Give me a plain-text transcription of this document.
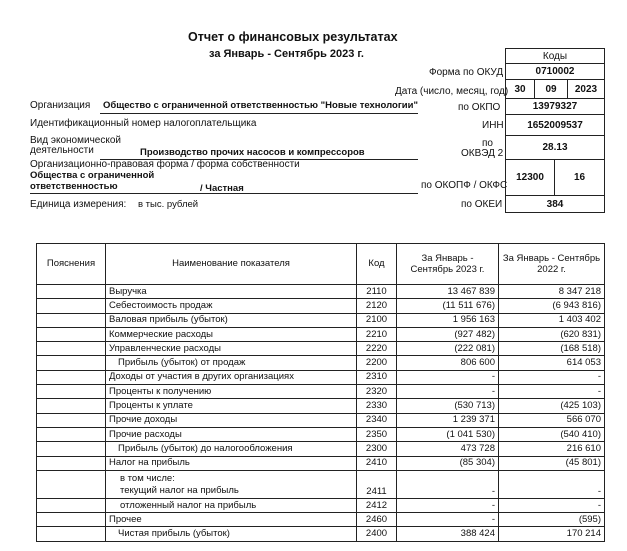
Отчет о финансовых результатах
за Январь - Сентябрь 2023 г.	Коды
Форма по ОКУД	0710002
Дата (число, месяц, год) 30	09	2023
Организация Общество с ограниченной ответственностью "Новые технологии"	по ОКПО	13979327
Идентификационный номер налогоплательщика	ИНН	1652009537
Вид экономической
деятельности	Производство прочих насосов и компрессоров
по
ОКВЭД 2
28.13
Организационно-правовая форма / форма собственности
Общества с ограниченной
ответственностью	/ Частная	по ОКОПФ / ОКФС
12300	16
Единица измерения: в тыс. рублей	по ОКЕИ	384
Пояснения	Наименование показателя	Код	За Январь - Сентябрь 2023 г.	За Январь - Сентябрь 2022 г.
	Выручка	2110	13 467 839	8 347 218
	Себестоимость продаж	2120	(11 511 676)	(6 943 816)
	Валовая прибыль (убыток)	2100	1 956 163	1 403 402
	Коммерческие расходы	2210	(927 482)	(620 831)
	Управленческие расходы	2220	(222 081)	(168 518)
	Прибыль (убыток) от продаж	2200	806 600	614 053
	Доходы от участия в других организациях	2310	-	-
	Проценты к получению	2320	-	-
	Проценты к уплате	2330	(530 713)	(425 103)
	Прочие доходы	2340	1 239 371	566 070
	Прочие расходы	2350	(1 041 530)	(540 410)
	Прибыль (убыток) до налогообложения	2300	473 728	216 610
	Налог на прибыль	2410	(85 304)	(45 801)

	в том числе:
текущий налог на прибыль	2411	-	-
	отложенный налог на прибыль	2412	-	-
	Прочее	2460	-	(595)
	Чистая прибыль (убыток)	2400	388 424	170 214
